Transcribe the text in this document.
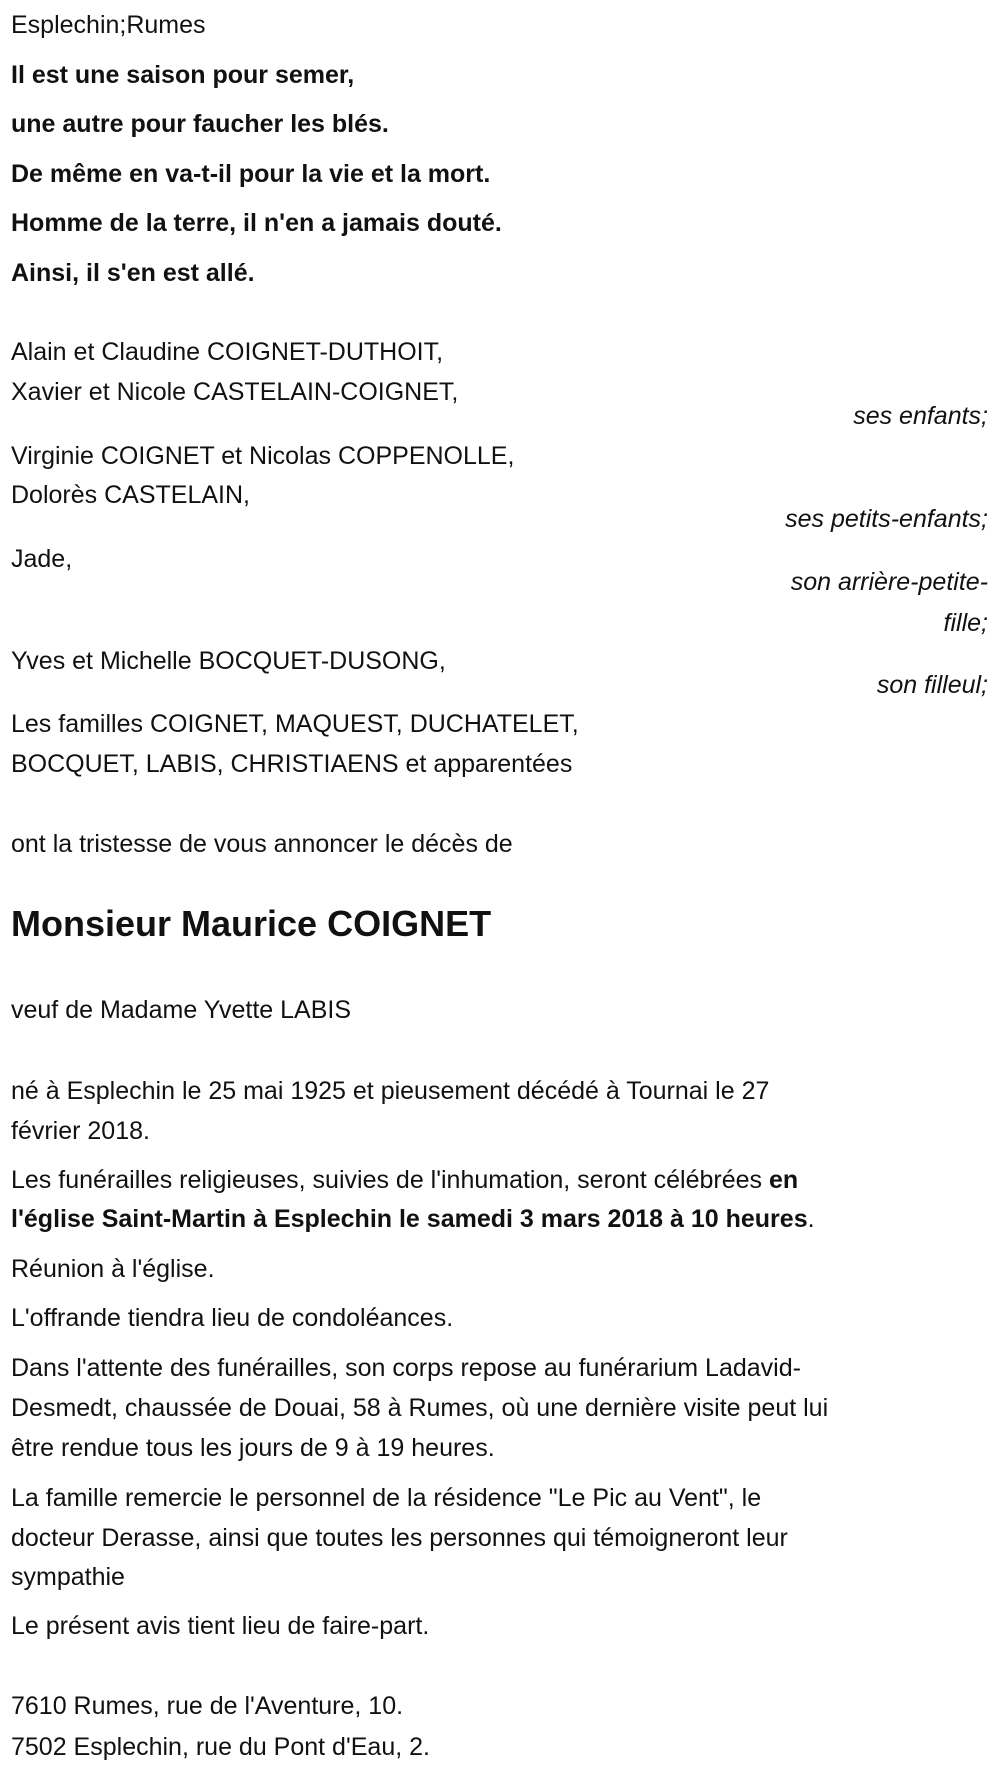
Esplechin;Rumes
Il est une saison pour semer,
une autre pour faucher les blés.
De même en va-t-il pour la vie et la mort.
Homme de la terre, il n'en a jamais douté.
Ainsi, il s'en est allé.
Alain et Claudine COIGNET-DUTHOIT,
Xavier et Nicole CASTELAIN-COIGNET,
ses enfants;
Virginie COIGNET et Nicolas COPPENOLLE,
Dolorès CASTELAIN,
ses petits-enfants;
Jade,
son arrière-petite-
fille;
Yves et Michelle BOCQUET-DUSONG,
son filleul;
Les familles COIGNET, MAQUEST, DUCHATELET,
BOCQUET, LABIS, CHRISTIAENS et apparentées
ont la tristesse de vous annoncer le décès de
Monsieur Maurice COIGNET
veuf de Madame Yvette LABIS
né à Esplechin le 25 mai 1925 et pieusement décédé à Tournai le 27
février 2018.
Les funérailles religieuses, suivies de l'inhumation, seront célébrées en
l'église Saint-Martin à Esplechin le samedi 3 mars 2018 à 10 heures.
Réunion à l'église.
L'offrande tiendra lieu de condoléances.
Dans l'attente des funérailles, son corps repose au funérarium Ladavid-
Desmedt, chaussée de Douai, 58 à Rumes, où une dernière visite peut lui
être rendue tous les jours de 9 à 19 heures.
La famille remercie le personnel de la résidence "Le Pic au Vent", le
docteur Derasse, ainsi que toutes les personnes qui témoigneront leur
sympathie
Le présent avis tient lieu de faire-part.
7610 Rumes, rue de l'Aventure, 10.
7502 Esplechin, rue du Pont d'Eau, 2.
